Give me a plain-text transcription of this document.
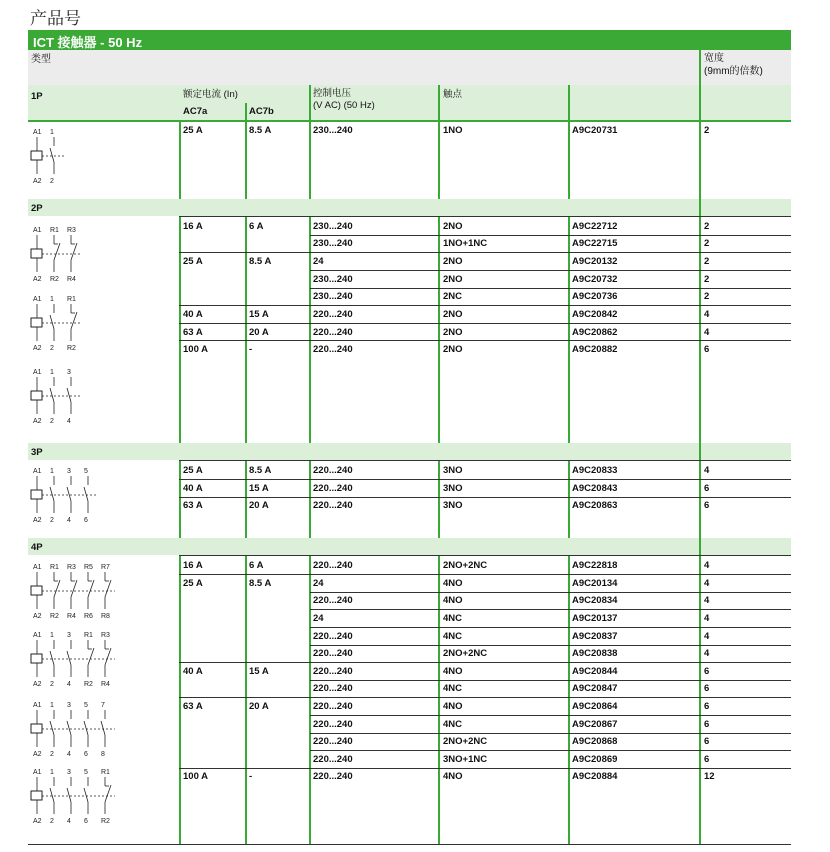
产品号
ICT 接触器 - 50 Hz
类型	宽度
(9mm的倍数)
1P	额定电流 (In)
AC7a	AC7b
控制电压
(V AC) (50 Hz)
触点
2P
3P
4P
25 A	8.5 A	230...240	1NO	A9C20731	2
16 A	6 A	230...240	2NO	A9C22712	2
230...240	1NO+1NC	A9C22715	2
25 A	8.5 A	24	2NO	A9C20132	2
230...240	2NO	A9C20732	2
230...240	2NC	A9C20736	2
40 A	15 A	220...240	2NO	A9C20842	4
63 A	20 A	220...240	2NO	A9C20862	4
100 A	-	220...240	2NO	A9C20882	6
25 A	8.5 A	220...240	3NO	A9C20833	4
40 A	15 A	220...240	3NO	A9C20843	6
63 A	20 A	220...240	3NO	A9C20863	6
16 A	6 A	220...240	2NO+2NC	A9C22818	4
25 A	8.5 A	24	4NO	A9C20134	4
220...240	4NO	A9C20834	4
24	4NC	A9C20137	4
220...240	4NC	A9C20837	4
220...240	2NO+2NC	A9C20838	4
40 A	15 A	220...240	4NO	A9C20844	6
220...240	4NC	A9C20847	6
63 A	20 A	220...240	4NO	A9C20864	6
220...240	4NC	A9C20867	6
220...240	2NO+2NC	A9C20868	6
220...240	3NO+1NC	A9C20869	6
100 A	-	220...240	4NO	A9C20884	12
A1 1
A2 2
A1 R1 R3
A2 R2 R4
A1 1 R1
A2 2 R2
A1 1 3
A2 2 4
A1 1 3 5
A2 2 4 6
A1 R1 R3 R5 R7
A2 R2 R4 R6 R8
A1 1 3 R1 R3
A2 2 4 R2 R4
A1 1 3 5 7
A2 2 4 6 8
A1 1 3 5 R1
A2 2 4 6 R2
